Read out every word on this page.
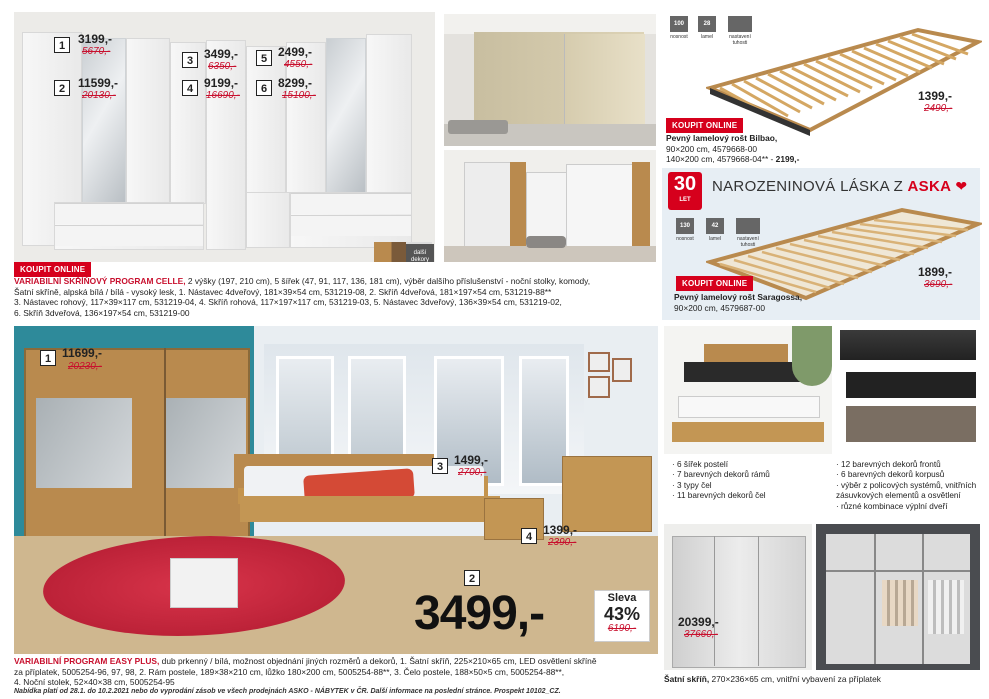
další
dekory
1	3199,-
5670,-
2	11599,-
20130,-
3 3499,-
6350,-
4 9199,-
16690,-
5 2499,-
4550,-
6 8299,-
15100,-
KOUPIT ONLINE
VARIABILNÍ SKŘÍŇOVÝ PROGRAM CELLE, 2 výšky (197, 210 cm), 5 šířek (47, 91, 117, 136, 181 cm), výběr dalšího příslušenství - noční stolky, komody,
Šatní skříně, alpská bílá / bílá - vysoký lesk, 1. Nástavec 4dveřový, 181×39×54 cm, 531219-08, 2. Skříň 4dveřová, 181×197×54 cm, 531219-88**
3. Nástavec rohový, 117×39×117 cm, 531219-04, 4. Skříň rohová, 117×197×117 cm, 531219-03, 5. Nástavec 3dveřový, 136×39×54 cm, 531219-02,
6. Skříň 3dveřová, 136×197×54 cm, 531219-00
100
nosnost
28
lamel	nastavení tuhosti
1399,-
2490,-
KOUPIT ONLINE
Pevný lamelový rošt Bilbao,
90×200 cm, 4579668-00
140×200 cm, 4579668-04** - 2199,-
30
LET
NAROZENINOVÁ LÁSKA Z ASKA ❤
130
nosnost
42
lamel	nastavení tuhosti
1899,-
3690,-
KOUPIT ONLINE
Pevný lamelový rošt Saragossa,
90×200 cm, 4579687-00
1 11699,-
20230,-
3 1499,-
2700,-
4 1399,-
2390,-
2
3499,-	Sleva
43%
6190,-
VARIABILNÍ PROGRAM EASY PLUS, dub prkenný / bílá, možnost objednání jiných rozměrů a dekorů, 1. Šatní skříň, 225×210×65 cm, LED osvětlení skříně
za příplatek, 5005254-96, 97, 98, 2. Rám postele, 189×38×210 cm, lůžko 180×200 cm, 5005254-88**, 3. Čelo postele, 188×50×5 cm, 5005254-88**,
4. Noční stolek, 52×40×38 cm, 5005254-95
· 6 šířek postelí
· 7 barevných dekorů rámů
· 3 typy čel
· 11 barevných dekorů čel
· 12 barevných dekorů frontů
· 6 barevných dekorů korpusů
· výběr z policových systémů, vnitřních zásuvkových elementů a osvětlení
· různé kombinace výplní dveří
20399,-
37660,-
Šatní skříň, 270×236×65 cm, vnitřní vybavení za příplatek
Nabídka platí od 28.1. do 10.2.2021 nebo do vyprodání zásob ve všech prodejnách ASKO - NÁBYTEK v ČR. Další informace na poslední stránce. Prospekt 10102_CZ.
